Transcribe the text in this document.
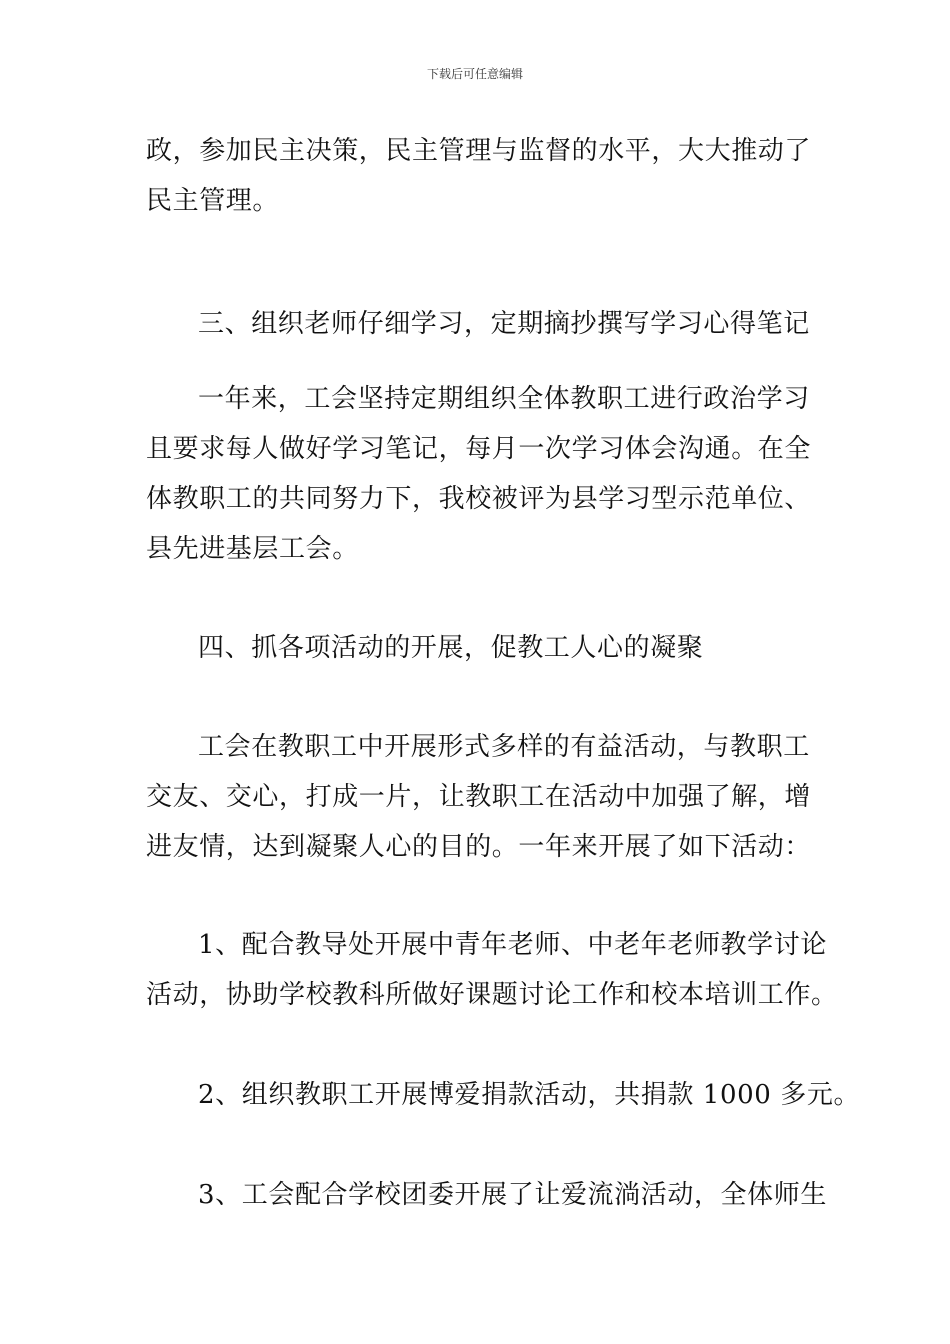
下载后可任意编辑
政，参加民主决策，民主管理与监督的水平，大大推动了
民主管理。
三、组织老师仔细学习，定期摘抄撰写学习心得笔记
一年来，工会坚持定期组织全体教职工进行政治学习
且要求每人做好学习笔记，每月一次学习体会沟通。在全
体教职工的共同努力下，我校被评为县学习型示范单位、
县先进基层工会。
四、抓各项活动的开展，促教工人心的凝聚
工会在教职工中开展形式多样的有益活动，与教职工
交友、交心，打成一片，让教职工在活动中加强了解，增
进友情，达到凝聚人心的目的。一年来开展了如下活动：
1、配合教导处开展中青年老师、中老年老师教学讨论
活动，协助学校教科所做好课题讨论工作和校本培训工作。
2、组织教职工开展博爱捐款活动，共捐款 1000 多元。
3、工会配合学校团委开展了让爱流淌活动，全体师生
